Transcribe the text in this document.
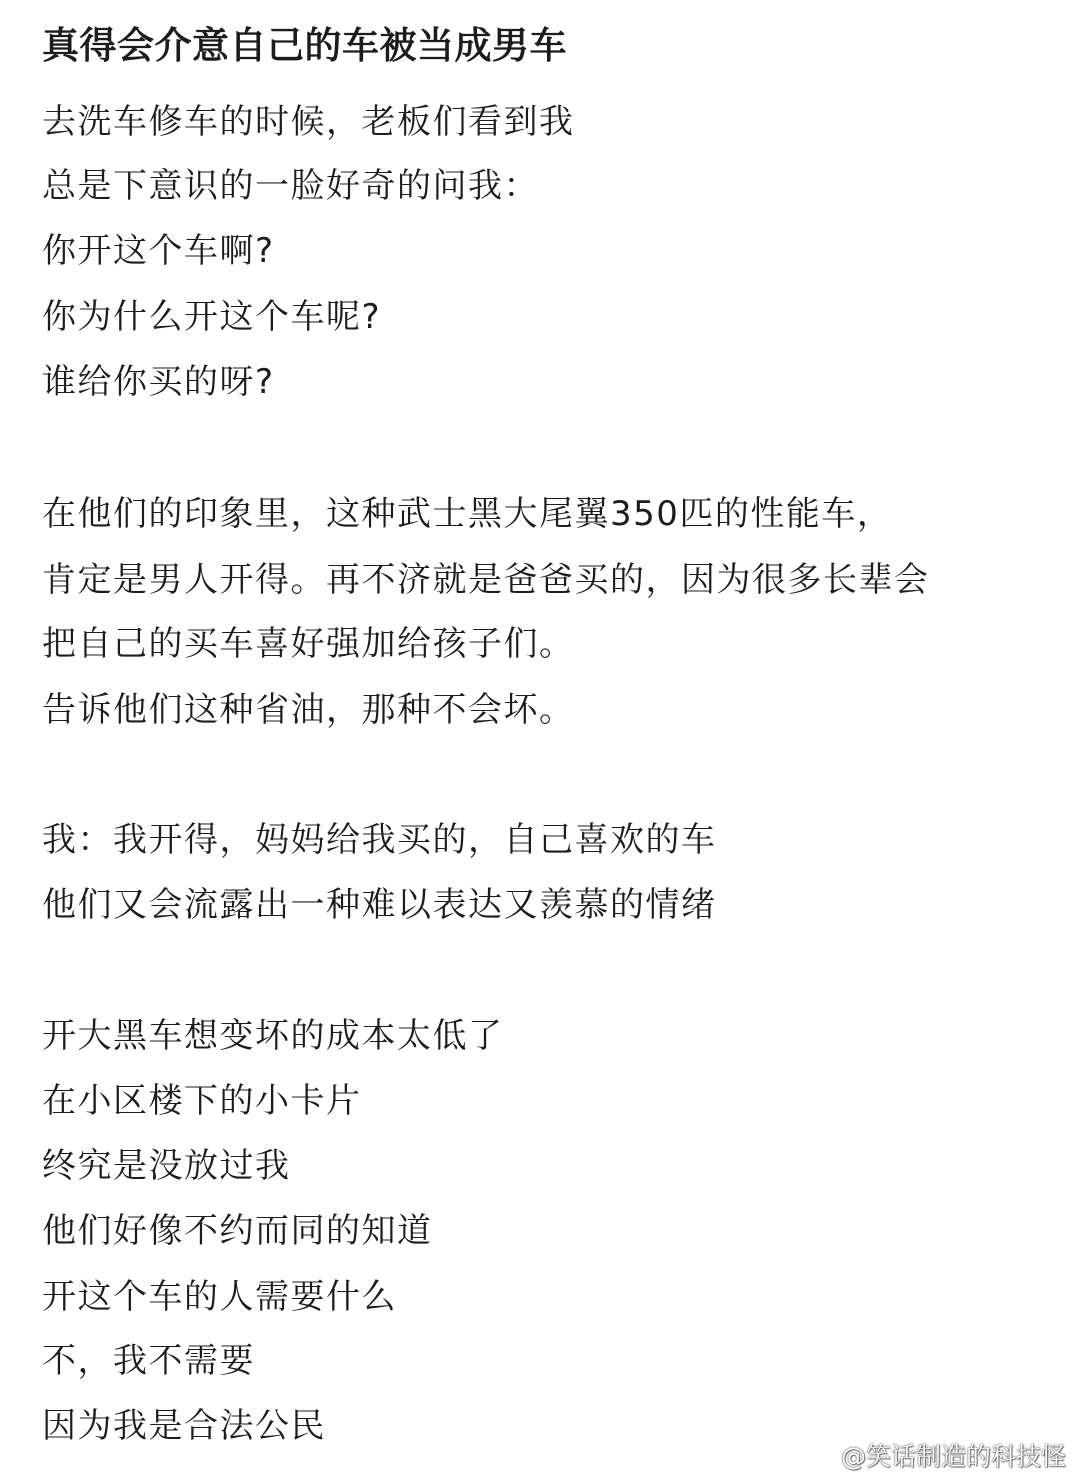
真得会介意自己的车被当成男车
去洗车修车的时候，老板们看到我
总是下意识的一脸好奇的问我：
你开这个车啊?
你为什么开这个车呢?
谁给你买的呀?
在他们的印象里，这种武士黑大尾翼350匹的性能车，
肯定是男人开得。再不济就是爸爸买的，因为很多长辈会
把自己的买车喜好强加给孩子们。
告诉他们这种省油，那种不会坏。
我：我开得，妈妈给我买的，自己喜欢的车
他们又会流露出一种难以表达又羡慕的情绪
开大黑车想变坏的成本太低了
在小区楼下的小卡片
终究是没放过我
他们好像不约而同的知道
开这个车的人需要什么
不，我不需要
因为我是合法公民
@笑话制造的科技怪
